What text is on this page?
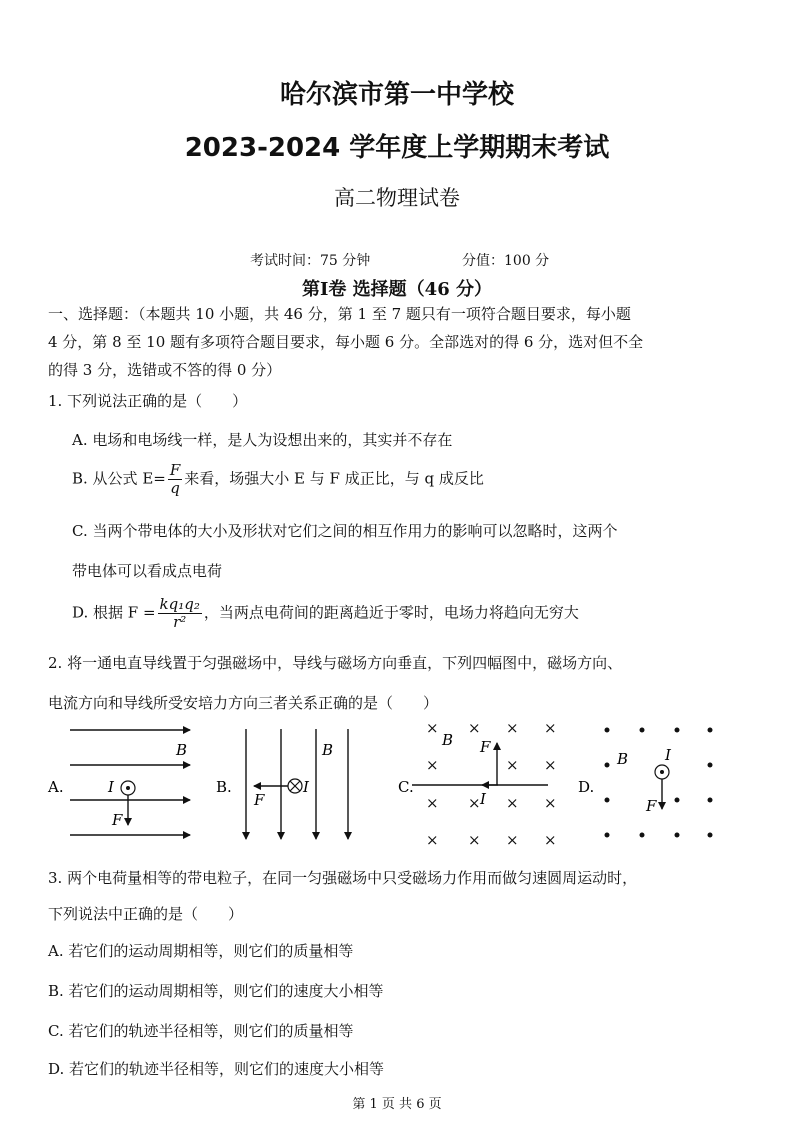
哈尔滨市第一中学校
2023-2024 学年度上学期期末考试
高二物理试卷
考试时间：75 分钟	分值：100 分
第Ⅰ卷 选择题（46 分）
一、选择题：（本题共 10 小题，共 46 分，第 1 至 7 题只有一项符合题目要求，每小题
4 分，第 8 至 10 题有多项符合题目要求，每小题 6 分。全部选对的得 6 分，选对但不全
的得 3 分，选错或不答的得 0 分）
1. 下列说法正确的是（　　）
A. 电场和电场线一样，是人为设想出来的，其实并不存在
B. 从公式 $E= \frac{F}{q}$ 来看，场强大小 E 与 F 成正比，与 q 成反比
C. 当两个带电体的大小及形状对它们之间的相互作用力的影响可以忽略时，这两个
带电体可以看成点电荷
D. 根据 $F = \frac{\text{kq₁q₂}}{\text{r²}}$ ，当两点电荷间的距离趋近于零时，电场力将趋向无穷大
2. 将一通电直导线置于匀强磁场中，导线与磁场方向垂直，下列四幅图中，磁场方向、
电流方向和导线所受安培力方向三者关系正确的是（　　）
A.
B
I
F
B.
B
I
F
C.
× × × ×
×	× ×
× × × ×
× × × ×
B F
I
D.
B I
F
3. 两个电荷量相等的带电粒子，在同一匀强磁场中只受磁场力作用而做匀速圆周运动时，
下列说法中正确的是（　　）
A. 若它们的运动周期相等，则它们的质量相等
B. 若它们的运动周期相等，则它们的速度大小相等
C. 若它们的轨迹半径相等，则它们的质量相等
D. 若它们的轨迹半径相等，则它们的速度大小相等
第 1 页 共 6 页
